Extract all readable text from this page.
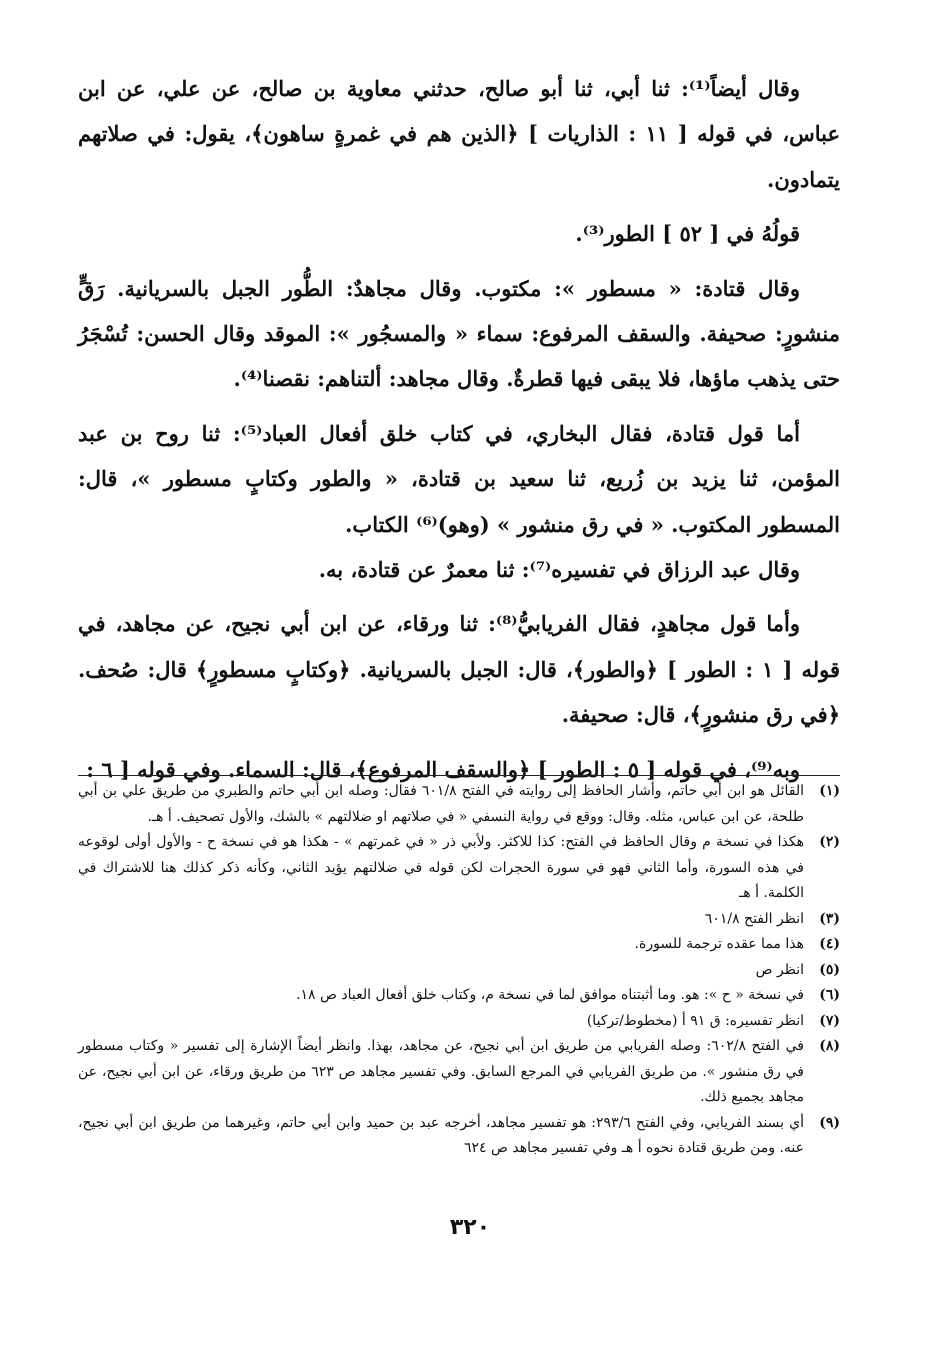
وقال أيضاً⁽¹⁾: ثنا أبي، ثنا أبو صالح، حدثني معاوية بن صالح، عن علي، عن ابن عباس، في قوله [ ١١ : الذاريات ] ﴿الذين هم في غمرةٍ ساهون﴾، يقول: في صلاتهم يتمادون.

قولُهُ في [ ٥٢ ] الطور⁽³⁾.

وقال قتادة: « مسطور »: مكتوب. وقال مجاهدٌ: الطُّور الجبل بالسريانية. رَقٍّ منشورٍ: صحيفة. والسقف المرفوع: سماء « والمسجُور »: الموقد وقال الحسن: تُسْجَرُ حتى يذهب ماؤها، فلا يبقى فيها قطرةٌ. وقال مجاهد: ألتناهم: نقصنا⁽⁴⁾.

أما قول قتادة، فقال البخاري، في كتاب خلق أفعال العباد⁽⁵⁾: ثنا روح بن عبد المؤمن، ثنا يزيد بن زُريع، ثنا سعيد بن قتادة، « والطور وكتابٍ مسطور »، قال: المسطور المكتوب. « في رق منشور » (وهو)⁽⁶⁾ الكتاب.

وقال عبد الرزاق في تفسيره⁽⁷⁾: ثنا معمرٌ عن قتادة، به.

وأما قول مجاهدٍ، فقال الفريابيُّ⁽⁸⁾: ثنا ورقاء، عن ابن أبي نجيح، عن مجاهد، في قوله [ ١ : الطور ] ﴿والطور﴾، قال: الجبل بالسريانية. ﴿وكتابٍ مسطورٍ﴾ قال: صُحف. ﴿في رق منشورٍ﴾، قال: صحيفة.

وبه⁽⁹⁾، في قوله [ ٥ : الطور ] ﴿والسقف المرفوع﴾، قال: السماء. وفي قوله [ ٦ :

(١)
القائل هو ابن أبي حاتم، وأشار الحافظ إلى روايته في الفتح ٦٠١/٨ فقال: وصله ابن أبي حاتم والطبري من طريق علي بن أبي طلحة، عن ابن عباس، مثله. وقال: ووقع في رواية النسفي « في صلاتهم او ضلالتهم » بالشك، والأول تصحيف. أ هـ.
(٢)
هكذا في نسخة م وقال الحافظ في الفتح: كذا للاكثر. ولأبي ذر « في غمرتهم » - هكذا هو في نسخة ح - والأول أولى لوقوعه في هذه السورة، وأما الثاني فهو في سورة الحجرات لكن قوله في ضلالتهم يؤيد الثاني، وكأنه ذكر كذلك هنا للاشتراك في الكلمة. أ هـ
(٣)
انظر الفتح ٦٠١/٨
(٤)
هذا مما عقده ترجمة للسورة.
(٥)
انظر ص
(٦)
في نسخة « ح »: هو. وما أثبتناه موافق لما في نسخة م، وكتاب خلق أفعال العباد ص ١٨.
(٧)
انظر تفسيره: ق ٩١ أ (مخطوط/تركيا)
(٨)
في الفتح ٦٠٢/٨: وصله الفريابي من طريق ابن أبي نجيح، عن مجاهد، بهذا. وانظر أيضاً الإشارة إلى تفسير « وكتاب مسطور في رق منشور ». من طريق الفريابي في المرجع السابق. وفي تفسير مجاهد ص ٦٢٣ من طريق ورقاء، عن ابن أبي نجيح، عن مجاهد بجميع ذلك.
(٩)
أي بسند الفريابي، وفي الفتح ٢٩٣/٦: هو تفسير مجاهد، أخرجه عبد بن حميد وابن أبي حاتم، وغيرهما من طريق ابن أبي نجيح، عنه. ومن طريق قتادة نحوه أ هـ وفي تفسير مجاهد ص ٦٢٤
٣٢٠
